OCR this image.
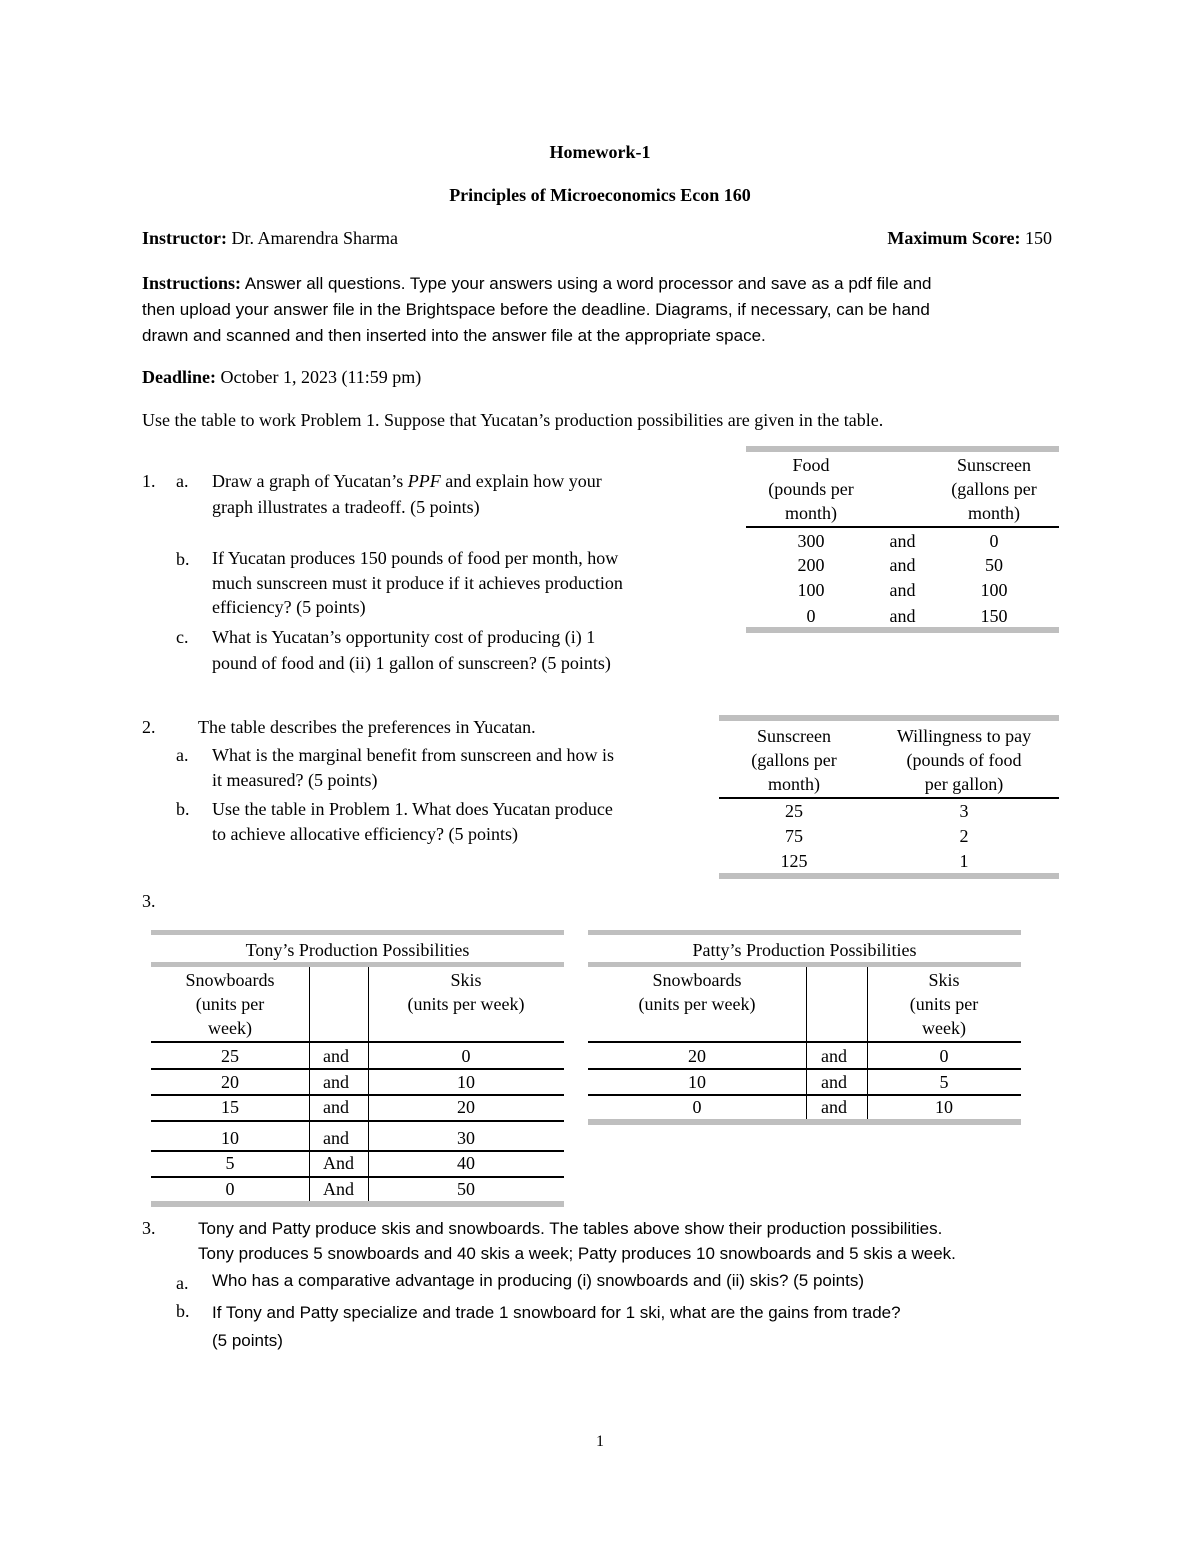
Homework-1
Principles of Microeconomics Econ 160
Instructor: Dr. Amarendra Sharma	Maximum Score: 150
Instructions: Answer all questions. Type your answers using a word processor and save as a pdf file and
then upload your answer file in the Brightspace before the deadline. Diagrams, if necessary, can be hand
drawn and scanned and then inserted into the answer file at the appropriate space.
Deadline: October 1, 2023 (11:59 pm)
Use the table to work Problem 1. Suppose that Yucatan’s production possibilities are given in the table.
1. a. Draw a graph of Yucatan’s PPF and explain how your
graph illustrates a tradeoff. (5 points)
b. If Yucatan produces 150 pounds of food per month, how
much sunscreen must it produce if it achieves production
efficiency? (5 points)
c. What is Yucatan’s opportunity cost of producing (i) 1
pound of food and (ii) 1 gallon of sunscreen? (5 points)
Food
(pounds per
month)
Sunscreen
(gallons per
month)
300	and	0
200	and	50
100	and	100
0	and	150
2. The table describes the preferences in Yucatan.
a. What is the marginal benefit from sunscreen and how is
it measured? (5 points)
b. Use the table in Problem 1. What does Yucatan produce
to achieve allocative efficiency? (5 points)
Sunscreen
(gallons per
month)
Willingness to pay
(pounds of food
per gallon)
25	3
75	2
125	1
3.
Tony’s Production Possibilities
Snowboards
(units per
week)
Skis
(units per week)
25	and	0
20	and	10
15	and	20
10	and	30
5	And	40
0	And	50
Patty’s Production Possibilities
Snowboards
(units per week)
Skis
(units per
week)
20	and	0
10	and	5
0	and	10
3.	Tony and Patty produce skis and snowboards. The tables above show their production possibilities.
Tony produces 5 snowboards and 40 skis a week; Patty produces 10 snowboards and 5 skis a week.
a. Who has a comparative advantage in producing (i) snowboards and (ii) skis? (5 points)
b. If Tony and Patty specialize and trade 1 snowboard for 1 ski, what are the gains from trade?
(5 points)
1
